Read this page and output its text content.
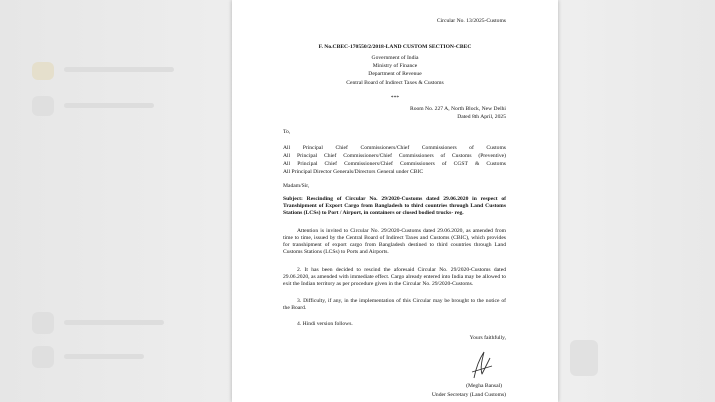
Circular No. 13/2025-Customs

F. No.CBEC-170550/2/2018-LAND CUSTOM SECTION-CBEC

Government of India

Ministry of Finance

Department of Revenue

Central Board of Indirect Taxes & Customs

***

Room No. 227 A, North Block, New Delhi

Dated 8th April, 2025

To,

All Principal Chief Commissioners/Chief Commissioners of Customs

All Principal Chief Commissioners/Chief Commissioners of Customs (Preventive)

All Principal Chief Commissioners/Chief Commissioners of CGST & Customs

All Principal Director Generals/Directors General under CBIC

Madam/Sir,

Subject: Rescinding of Circular No. 29/2020-Customs dated 29.06.2020 in respect of Transhipment of Export Cargo from Bangladesh to third countries through Land Customs Stations (LCSs) to Port / Airport, in containers or closed bodied trucks- reg.

Attention is invited to Circular No. 29/2020-Customs dated 29.06.2020, as amended from time to time, issued by the Central Board of Indirect Taxes and Customs (CBIC), which provides for transhipment of export cargo from Bangladesh destined to third countries through Land Customs Stations (LCSs) to Ports and Airports.

2. It has been decided to rescind the aforesaid Circular No. 29/2020-Customs dated 29.06.2020, as amended with immediate effect. Cargo already entered into India may be allowed to exit the Indian territory as per procedure given in the Circular No. 29/2020-Customs.

3. Difficulty, if any, in the implementation of this Circular may be brought to the notice of the Board.

4. Hindi version follows.

Yours faithfully,

(Megha Bansal)

Under Secretary (Land Customs)
